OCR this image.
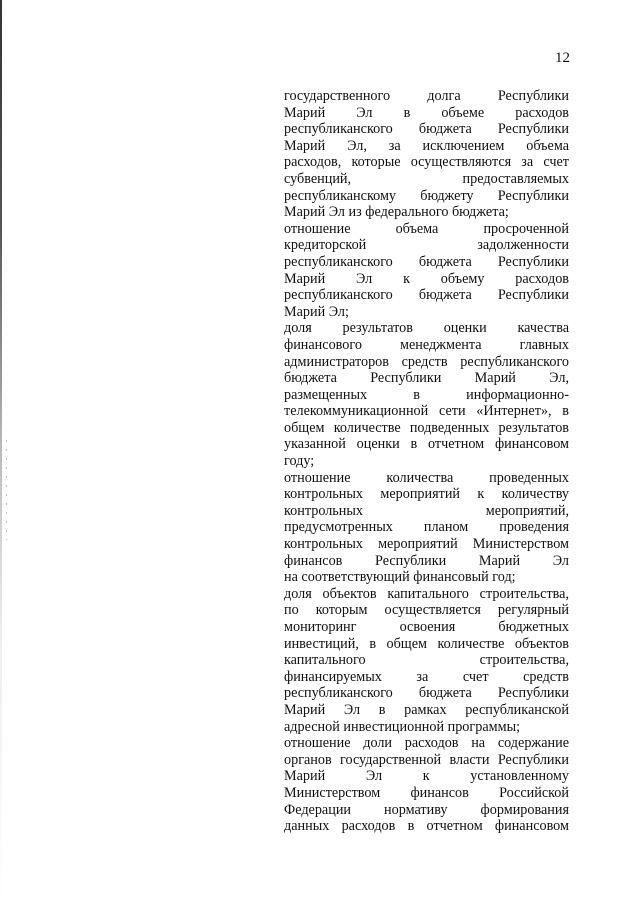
12
государственного долга Республики
Марий Эл в объеме расходов
республиканского бюджета Республики
Марий Эл, за исключением объема
расходов, которые осуществляются за счет
субвенций, предоставляемых
республиканскому бюджету Республики
Марий Эл из федерального бюджета;
отношение объема просроченной
кредиторской задолженности
республиканского бюджета Республики
Марий Эл к объему расходов
республиканского бюджета Республики
Марий Эл;
доля результатов оценки качества
финансового менеджмента главных
администраторов средств республиканского
бюджета Республики Марий Эл,
размещенных в информационно-
телекоммуникационной сети «Интернет», в
общем количестве подведенных результатов
указанной оценки в отчетном финансовом
году;
отношение количества проведенных
контрольных мероприятий к количеству
контрольных мероприятий,
предусмотренных планом проведения
контрольных мероприятий Министерством
финансов Республики Марий Эл
на соответствующий финансовый год;
доля объектов капитального строительства,
по которым осуществляется регулярный
мониторинг освоения бюджетных
инвестиций, в общем количестве объектов
капитального строительства,
финансируемых за счет средств
республиканского бюджета Республики
Марий Эл в рамках республиканской
адресной инвестиционной программы;
отношение доли расходов на содержание
органов государственной власти Республики
Марий Эл к установленному
Министерством финансов Российской
Федерации нормативу формирования
данных расходов в отчетном финансовом
